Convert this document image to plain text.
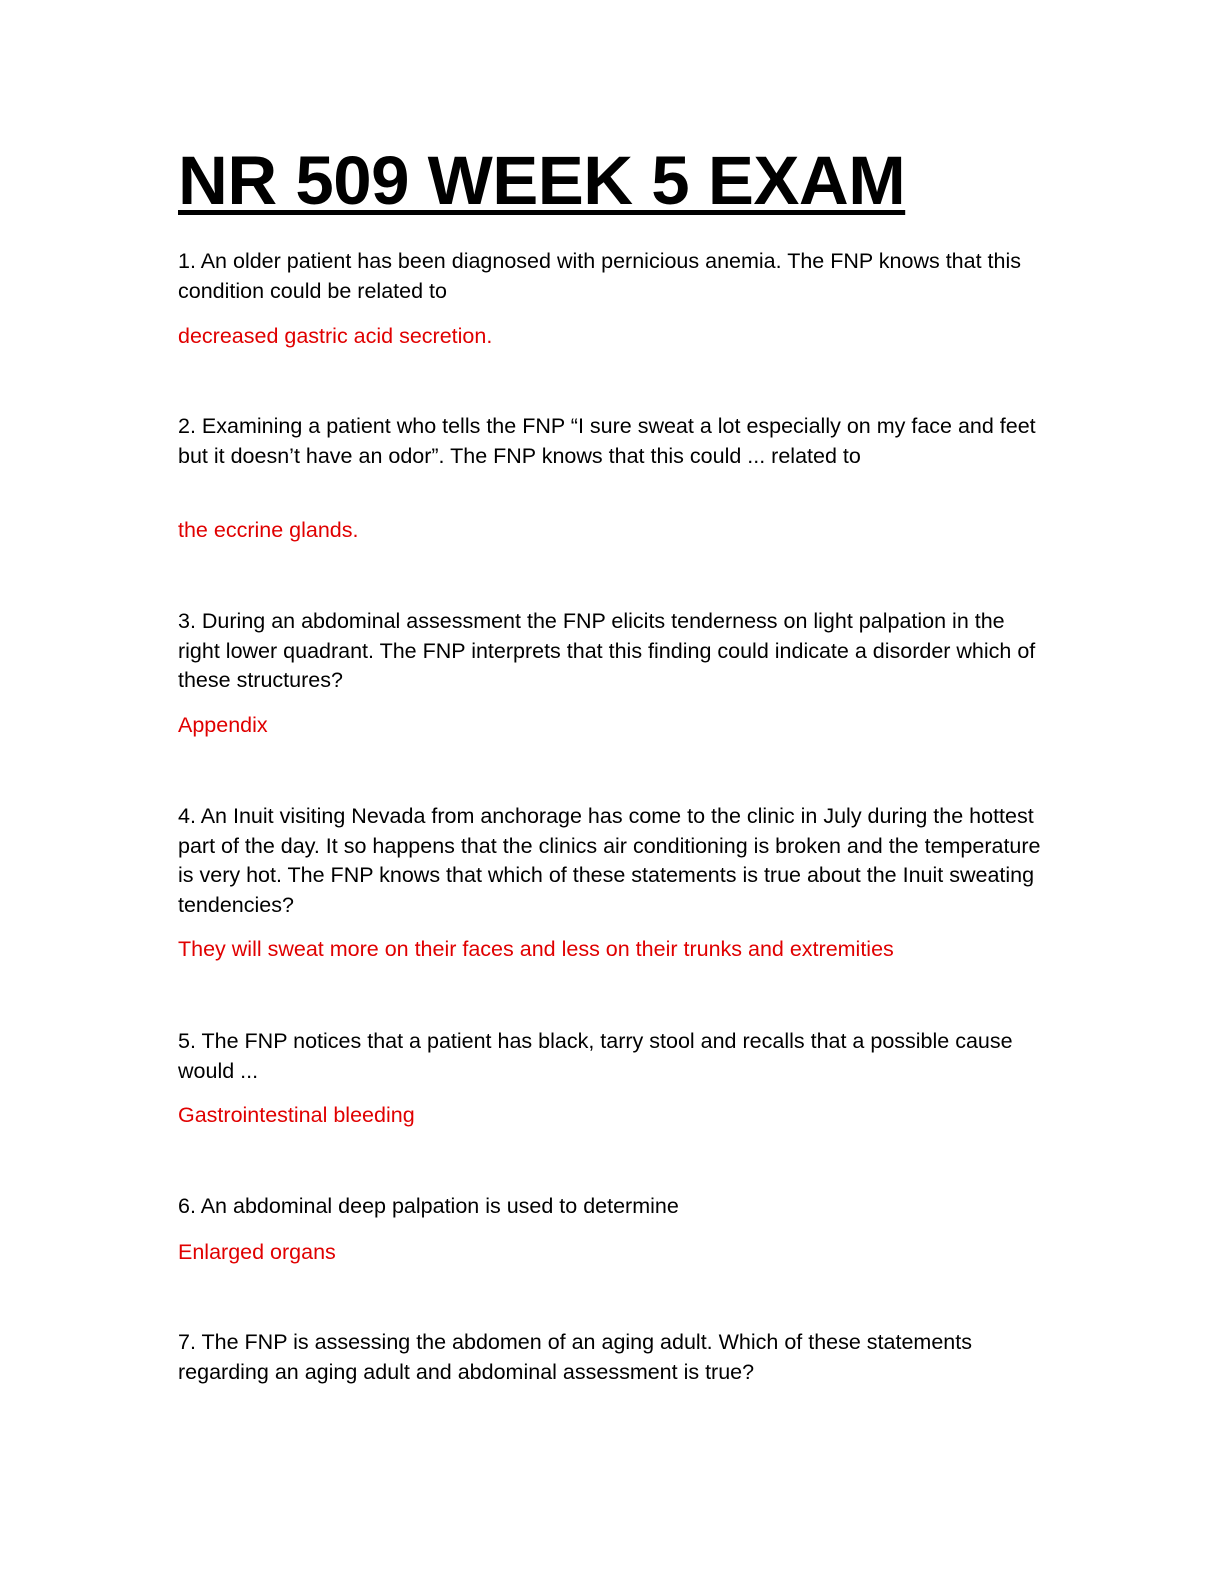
NR 509 WEEK 5 EXAM

1. An older patient has been diagnosed with pernicious anemia. The FNP knows that this condition could be related to

decreased gastric acid secretion.

2. Examining a patient who tells the FNP “I sure sweat a lot especially on my face and feet but it doesn’t have an odor”. The FNP knows that this could ... related to

the eccrine glands.

3. During an abdominal assessment the FNP elicits tenderness on light palpation in the right lower quadrant. The FNP interprets that this finding could indicate a disorder which of these structures?

Appendix

4. An Inuit visiting Nevada from anchorage has come to the clinic in July during the hottest part of the day. It so happens that the clinics air conditioning is broken and the temperature is very hot. The FNP knows that which of these statements is true about the Inuit sweating tendencies?

They will sweat more on their faces and less on their trunks and extremities

5. The FNP notices that a patient has black, tarry stool and recalls that a possible cause would ...

Gastrointestinal bleeding

6. An abdominal deep palpation is used to determine

Enlarged organs

7. The FNP is assessing the abdomen of an aging adult. Which of these statements regarding an aging adult and abdominal assessment is true?
